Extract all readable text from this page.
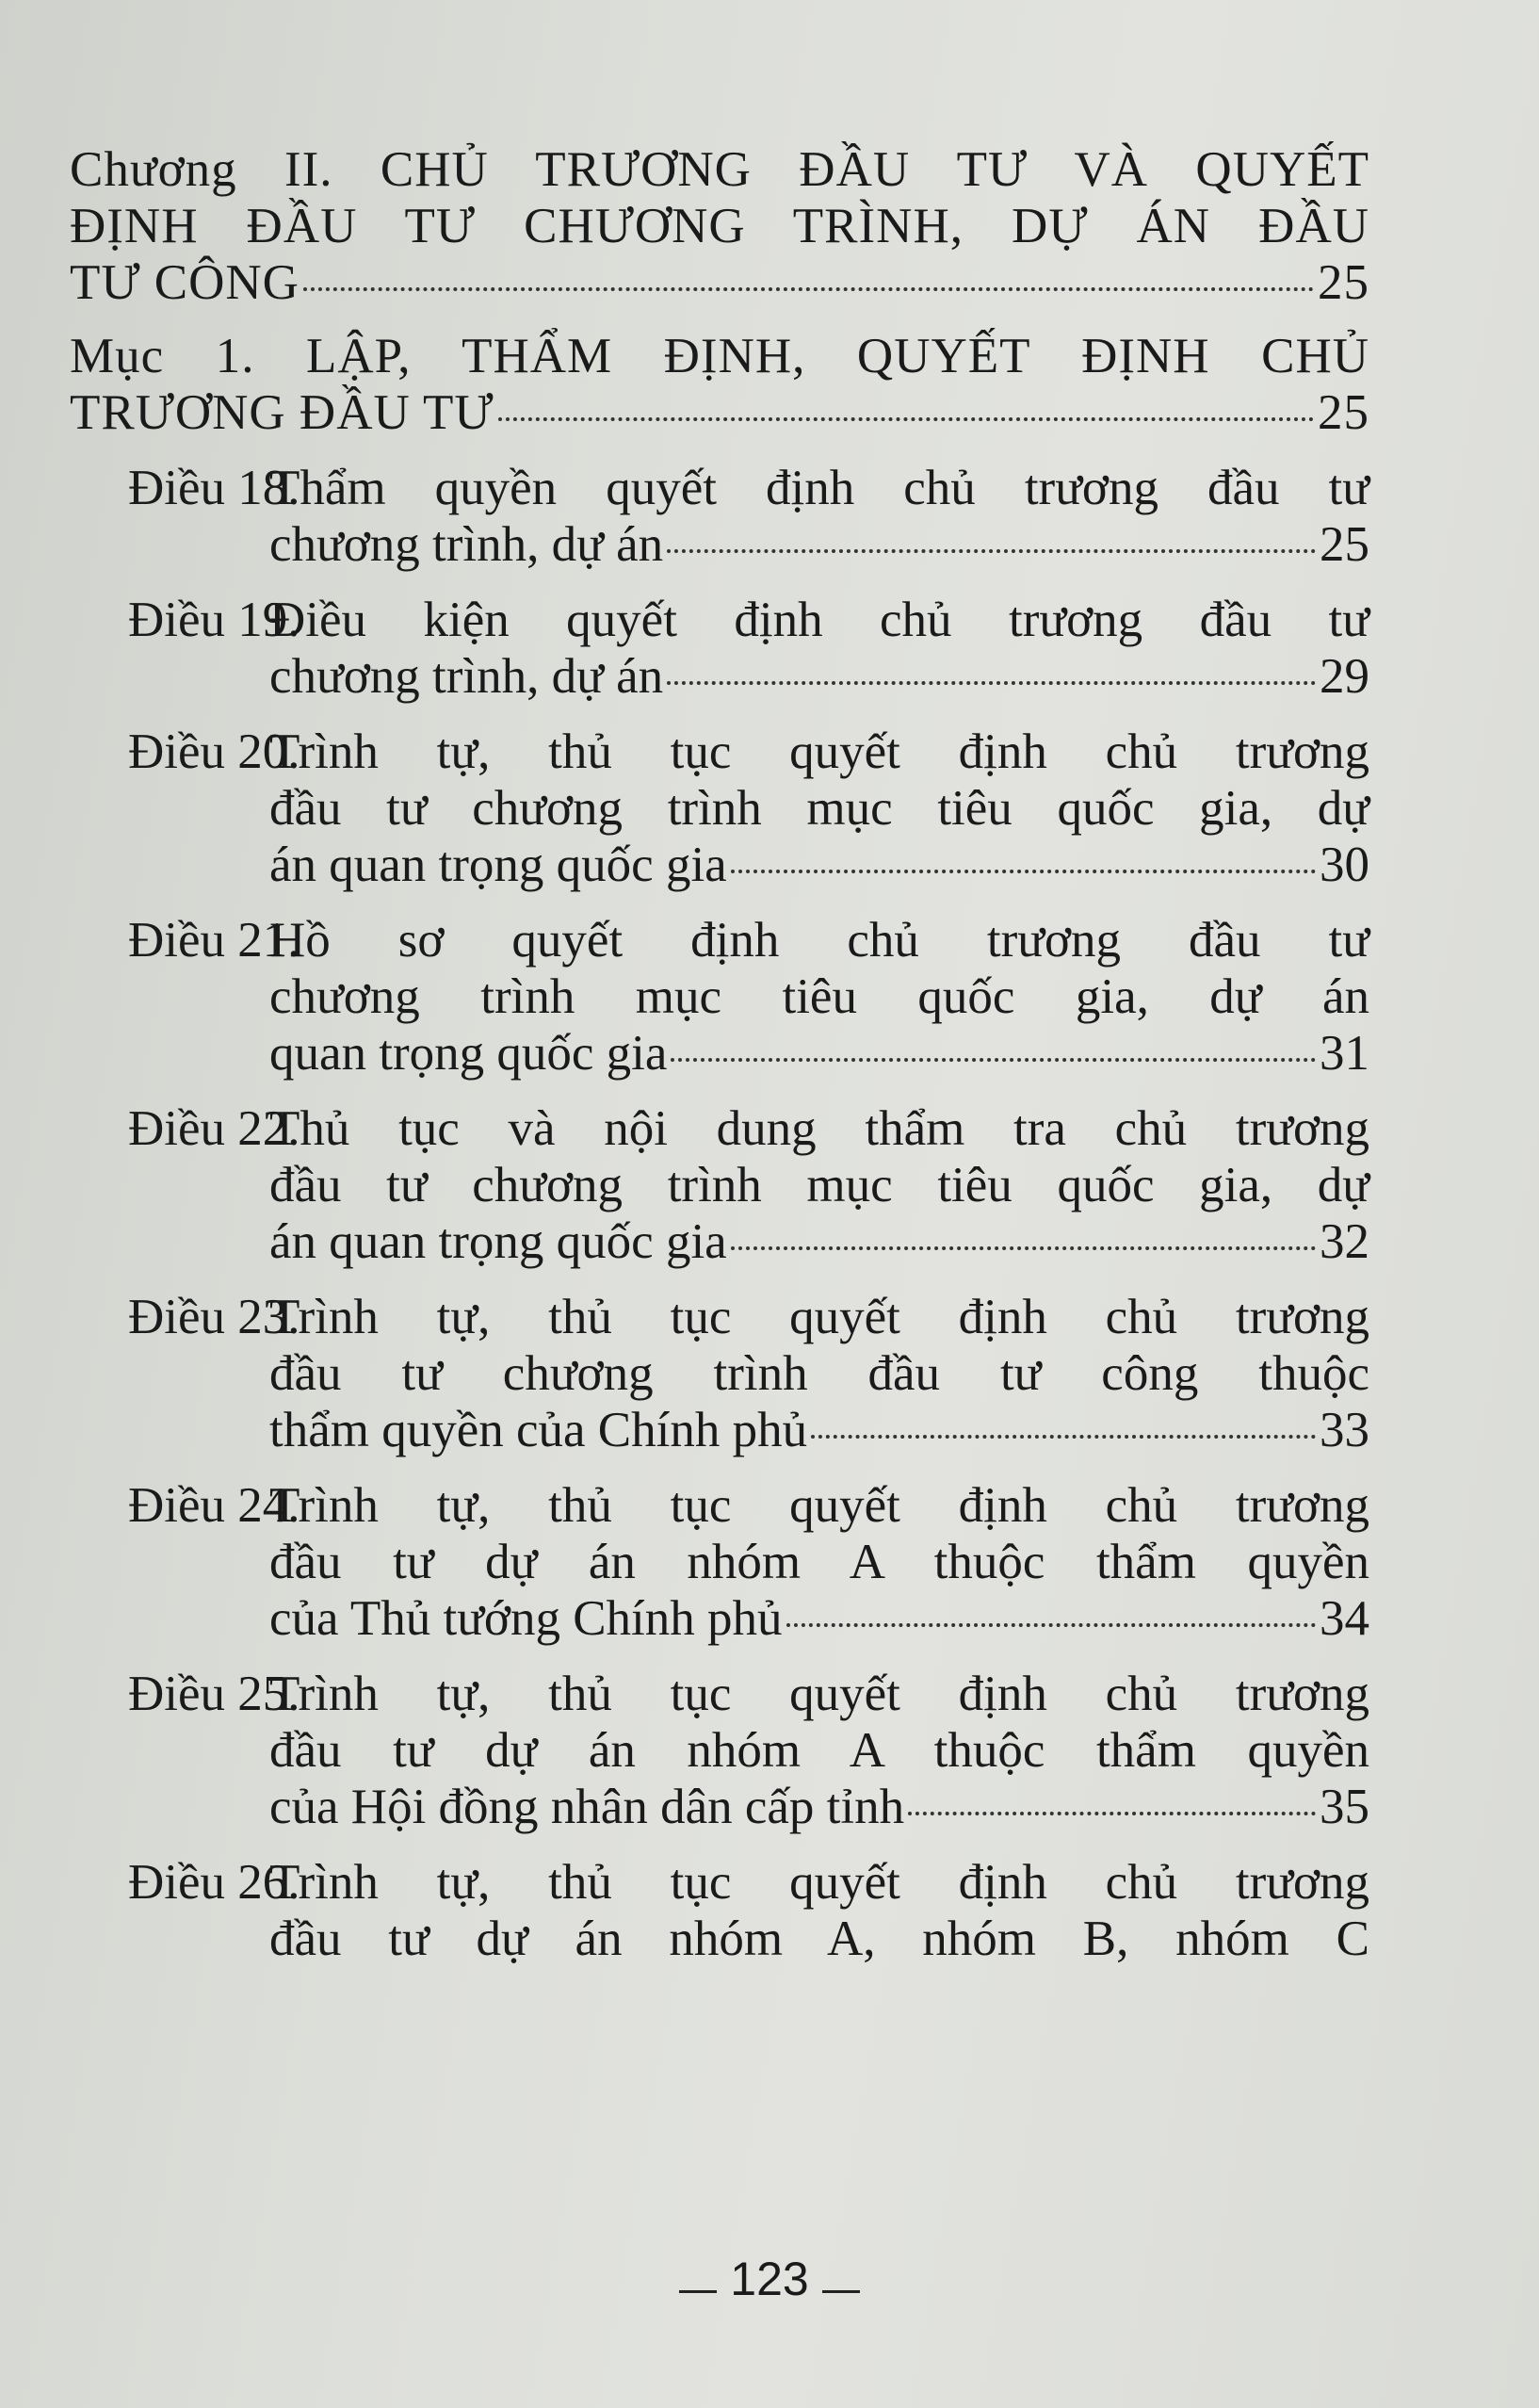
Chương II. CHỦ TRƯƠNG ĐẦU TƯ VÀ QUYẾT
ĐỊNH ĐẦU TƯ CHƯƠNG TRÌNH, DỰ ÁN ĐẦU
TƯ CÔNG	25
Mục 1. LẬP, THẨM ĐỊNH, QUYẾT ĐỊNH CHỦ
TRƯƠNG ĐẦU TƯ	25
Điều 18.
Thẩm quyền quyết định chủ trương đầu tư
chương trình, dự án	25
Điều 19.
Điều kiện quyết định chủ trương đầu tư
chương trình, dự án	29
Điều 20.
Trình tự, thủ tục quyết định chủ trương
đầu tư chương trình mục tiêu quốc gia, dự
án quan trọng quốc gia	30
Điều 21.
Hồ sơ quyết định chủ trương đầu tư
chương trình mục tiêu quốc gia, dự án
quan trọng quốc gia	31
Điều 22.
Thủ tục và nội dung thẩm tra chủ trương
đầu tư chương trình mục tiêu quốc gia, dự
án quan trọng quốc gia	32
Điều 23.
Trình tự, thủ tục quyết định chủ trương
đầu tư chương trình đầu tư công thuộc
thẩm quyền của Chính phủ	33
Điều 24.
Trình tự, thủ tục quyết định chủ trương
đầu tư dự án nhóm A thuộc thẩm quyền
của Thủ tướng Chính phủ	34
Điều 25.
Trình tự, thủ tục quyết định chủ trương
đầu tư dự án nhóm A thuộc thẩm quyền
của Hội đồng nhân dân cấp tỉnh	35
Điều 26.
Trình tự, thủ tục quyết định chủ trương
đầu tư dự án nhóm A, nhóm B, nhóm C
123
